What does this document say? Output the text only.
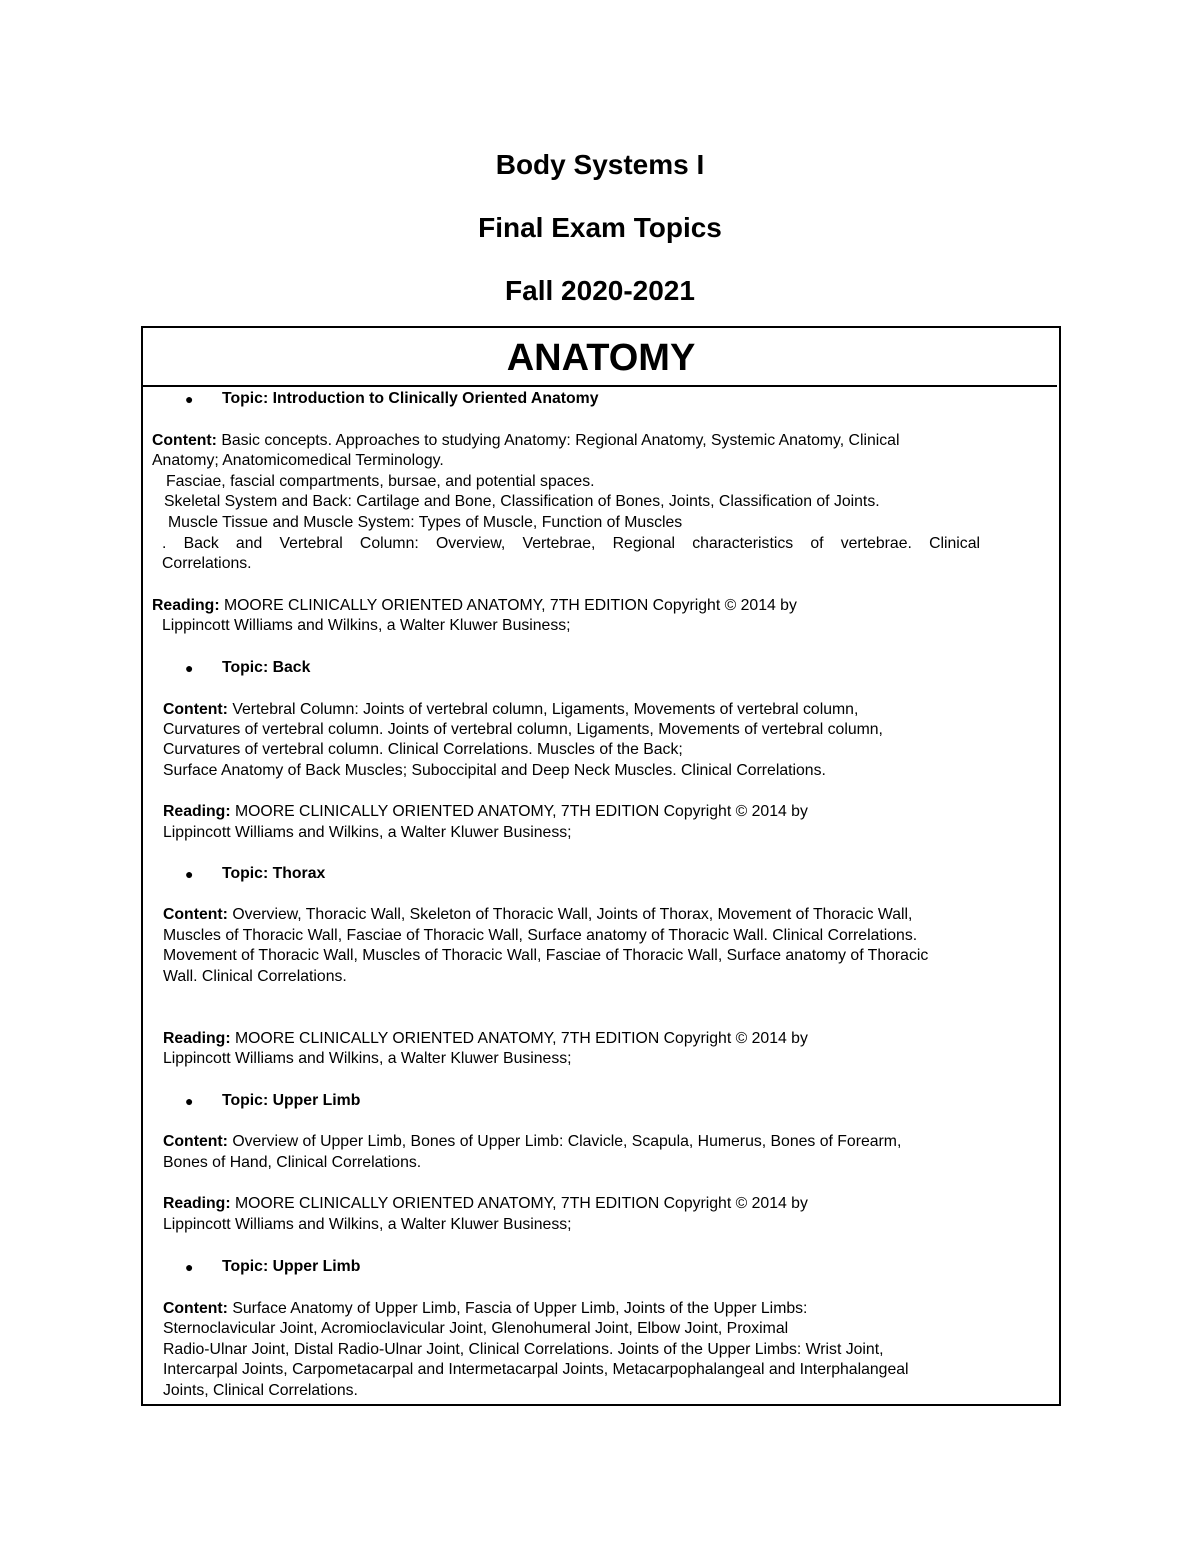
Body Systems I
Final Exam Topics
Fall 2020-2021
ANATOMY
● Topic: Introduction to Clinically Oriented Anatomy
Content: Basic concepts. Approaches to studying Anatomy: Regional Anatomy, Systemic Anatomy, Clinical
Anatomy; Anatomicomedical Terminology.
Fasciae, fascial compartments, bursae, and potential spaces.
Skeletal System and Back: Cartilage and Bone, Classification of Bones, Joints, Classification of Joints.
Muscle Tissue and Muscle System: Types of Muscle, Function of Muscles
. Back and Vertebral Column: Overview, Vertebrae, Regional characteristics of vertebrae. Clinical
Correlations.
Reading: MOORE CLINICALLY ORIENTED ANATOMY, 7TH EDITION Copyright © 2014 by
Lippincott Williams and Wilkins, a Walter Kluwer Business;
● Topic: Back
Content: Vertebral Column: Joints of vertebral column, Ligaments, Movements of vertebral column,
Curvatures of vertebral column. Joints of vertebral column, Ligaments, Movements of vertebral column,
Curvatures of vertebral column. Clinical Correlations. Muscles of the Back;
Surface Anatomy of Back Muscles; Suboccipital and Deep Neck Muscles. Clinical Correlations.
Reading: MOORE CLINICALLY ORIENTED ANATOMY, 7TH EDITION Copyright © 2014 by
Lippincott Williams and Wilkins, a Walter Kluwer Business;
● Topic: Thorax
Content: Overview, Thoracic Wall, Skeleton of Thoracic Wall, Joints of Thorax, Movement of Thoracic Wall,
Muscles of Thoracic Wall, Fasciae of Thoracic Wall, Surface anatomy of Thoracic Wall. Clinical Correlations.
Movement of Thoracic Wall, Muscles of Thoracic Wall, Fasciae of Thoracic Wall, Surface anatomy of Thoracic
Wall. Clinical Correlations.
Reading: MOORE CLINICALLY ORIENTED ANATOMY, 7TH EDITION Copyright © 2014 by
Lippincott Williams and Wilkins, a Walter Kluwer Business;
● Topic: Upper Limb
Content: Overview of Upper Limb, Bones of Upper Limb: Clavicle, Scapula, Humerus, Bones of Forearm,
Bones of Hand, Clinical Correlations.
Reading: MOORE CLINICALLY ORIENTED ANATOMY, 7TH EDITION Copyright © 2014 by
Lippincott Williams and Wilkins, a Walter Kluwer Business;
● Topic: Upper Limb
Content: Surface Anatomy of Upper Limb, Fascia of Upper Limb, Joints of the Upper Limbs:
Sternoclavicular Joint, Acromioclavicular Joint, Glenohumeral Joint, Elbow Joint, Proximal
Radio-Ulnar Joint, Distal Radio-Ulnar Joint, Clinical Correlations. Joints of the Upper Limbs: Wrist Joint,
Intercarpal Joints, Carpometacarpal and Intermetacarpal Joints, Metacarpophalangeal and Interphalangeal
Joints, Clinical Correlations.
